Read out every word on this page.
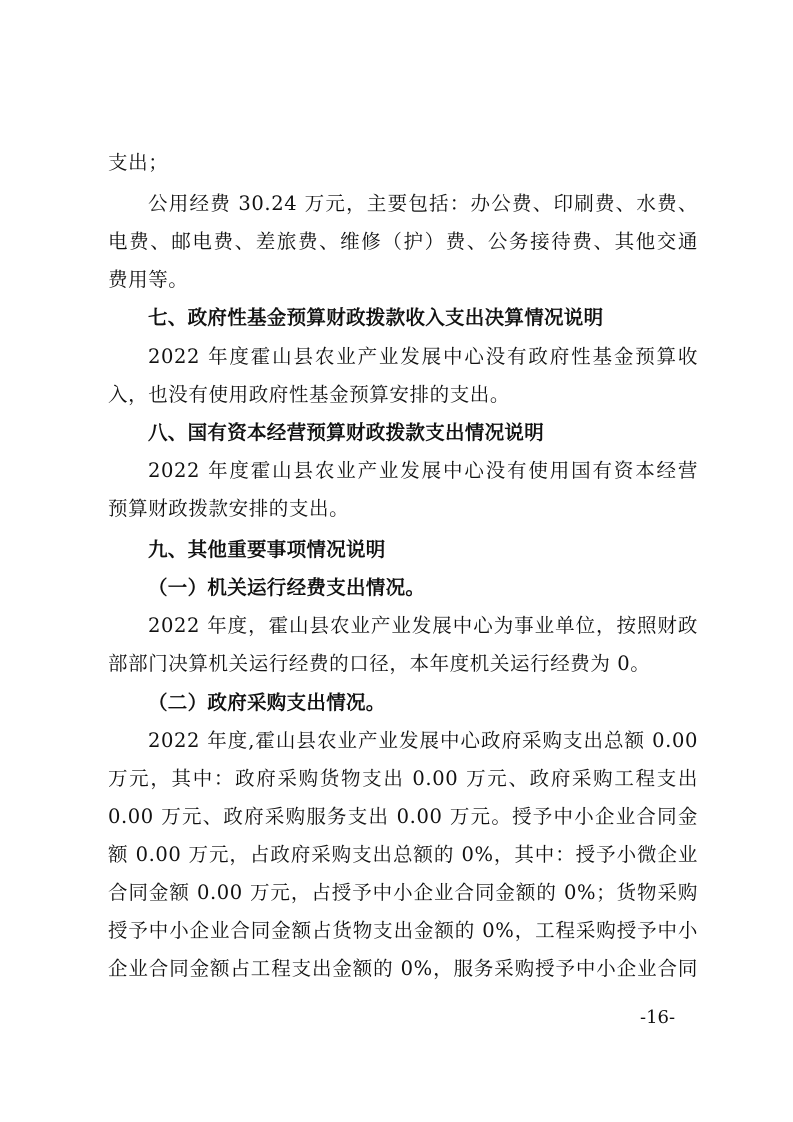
支出；
公用经费 30.24 万元，主要包括：办公费、印刷费、水费、
电费、邮电费、差旅费、维修（护）费、公务接待费、其他交通
费用等。
七、政府性基金预算财政拨款收入支出决算情况说明
2022 年度霍山县农业产业发展中心没有政府性基金预算收
入，也没有使用政府性基金预算安排的支出。
八、国有资本经营预算财政拨款支出情况说明
2022 年度霍山县农业产业发展中心没有使用国有资本经营
预算财政拨款安排的支出。
九、其他重要事项情况说明
（一）机关运行经费支出情况。
2022 年度，霍山县农业产业发展中心为事业单位，按照财政
部部门决算机关运行经费的口径，本年度机关运行经费为 0。
（二）政府采购支出情况。
2022 年度,霍山县农业产业发展中心政府采购支出总额 0.00
万元，其中：政府采购货物支出 0.00 万元、政府采购工程支出
0.00 万元、政府采购服务支出 0.00 万元。授予中小企业合同金
额 0.00 万元，占政府采购支出总额的 0%，其中：授予小微企业
合同金额 0.00 万元，占授予中小企业合同金额的 0%；货物采购
授予中小企业合同金额占货物支出金额的 0%，工程采购授予中小
企业合同金额占工程支出金额的 0%，服务采购授予中小企业合同
-16-
